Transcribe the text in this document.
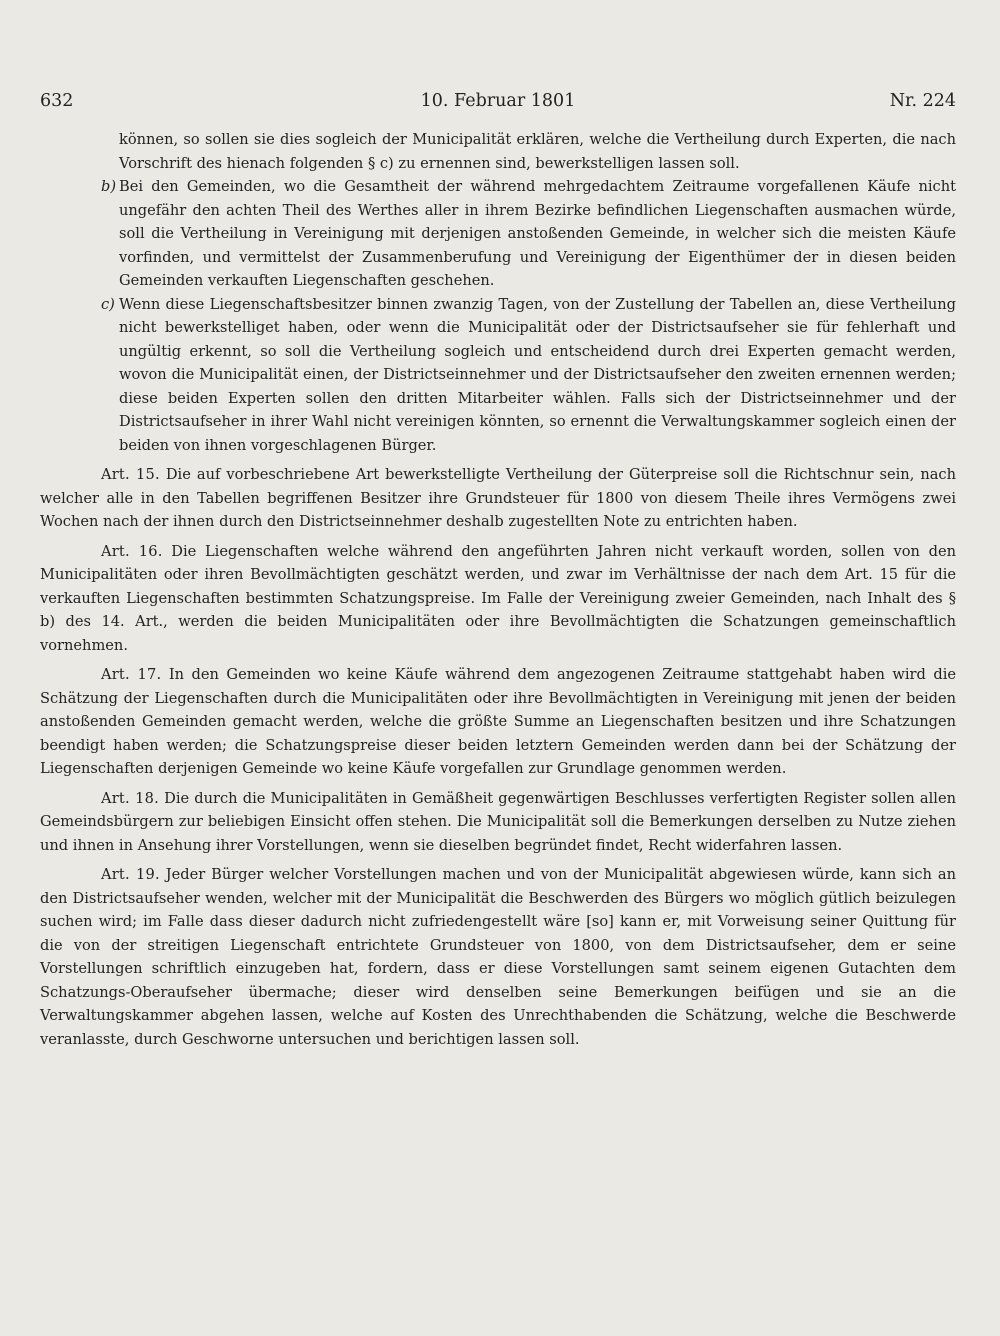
632	10. Februar 1801	Nr. 224

können, so sollen sie dies sogleich der Municipalität erklären, welche die Vertheilung durch Experten, die nach Vorschrift des hienach folgenden § c) zu ernennen sind, bewerkstelligen lassen soll.

b) Bei den Gemeinden, wo die Gesamtheit der während mehrgedachtem Zeitraume vorgefallenen Käufe nicht ungefähr den achten Theil des Werthes aller in ihrem Bezirke befindlichen Liegenschaften ausmachen würde, soll die Vertheilung in Vereinigung mit derjenigen anstoßenden Gemeinde, in welcher sich die meisten Käufe vorfinden, und vermittelst der Zusammenberufung und Vereinigung der Eigenthümer der in diesen beiden Gemeinden verkauften Liegenschaften geschehen.

c) Wenn diese Liegenschaftsbesitzer binnen zwanzig Tagen, von der Zustellung der Tabellen an, diese Vertheilung nicht bewerkstelliget haben, oder wenn die Municipalität oder der Districtsaufseher sie für fehlerhaft und ungültig erkennt, so soll die Vertheilung sogleich und entscheidend durch drei Experten gemacht werden, wovon die Municipalität einen, der Districtseinnehmer und der Districtsaufseher den zweiten ernennen werden; diese beiden Experten sollen den dritten Mitarbeiter wählen. Falls sich der Districtseinnehmer und der Districtsaufseher in ihrer Wahl nicht vereinigen könnten, so ernennt die Verwaltungskammer sogleich einen der beiden von ihnen vorgeschlagenen Bürger.

Art. 15. Die auf vorbeschriebene Art bewerkstelligte Vertheilung der Güterpreise soll die Richtschnur sein, nach welcher alle in den Tabellen begriffenen Besitzer ihre Grundsteuer für 1800 von diesem Theile ihres Vermögens zwei Wochen nach der ihnen durch den Districtseinnehmer deshalb zugestellten Note zu entrichten haben.

Art. 16. Die Liegenschaften welche während den angeführten Jahren nicht verkauft worden, sollen von den Municipalitäten oder ihren Bevollmächtigten geschätzt werden, und zwar im Verhältnisse der nach dem Art. 15 für die verkauften Liegenschaften bestimmten Schatzungspreise. Im Falle der Vereinigung zweier Gemeinden, nach Inhalt des § b) des 14. Art., werden die beiden Municipalitäten oder ihre Bevollmächtigten die Schatzungen gemeinschaftlich vornehmen.

Art. 17. In den Gemeinden wo keine Käufe während dem angezogenen Zeitraume stattgehabt haben wird die Schätzung der Liegenschaften durch die Municipalitäten oder ihre Bevollmächtigten in Vereinigung mit jenen der beiden anstoßenden Gemeinden gemacht werden, welche die größte Summe an Liegenschaften besitzen und ihre Schatzungen beendigt haben werden; die Schatzungspreise dieser beiden letztern Gemeinden werden dann bei der Schätzung der Liegenschaften derjenigen Gemeinde wo keine Käufe vorgefallen zur Grundlage genommen werden.

Art. 18. Die durch die Municipalitäten in Gemäßheit gegenwärtigen Beschlusses verfertigten Register sollen allen Gemeindsbürgern zur beliebigen Einsicht offen stehen. Die Municipalität soll die Bemerkungen derselben zu Nutze ziehen und ihnen in Ansehung ihrer Vorstellungen, wenn sie dieselben begründet findet, Recht widerfahren lassen.

Art. 19. Jeder Bürger welcher Vorstellungen machen und von der Municipalität abgewiesen würde, kann sich an den Districtsaufseher wenden, welcher mit der Municipalität die Beschwerden des Bürgers wo möglich gütlich beizulegen suchen wird; im Falle dass dieser dadurch nicht zufriedengestellt wäre [so] kann er, mit Vorweisung seiner Quittung für die von der streitigen Liegenschaft entrichtete Grundsteuer von 1800, von dem Districtsaufseher, dem er seine Vorstellungen schriftlich einzugeben hat, fordern, dass er diese Vorstellungen samt seinem eigenen Gutachten dem Schatzungs-Oberaufseher übermache; dieser wird denselben seine Bemerkungen beifügen und sie an die Verwaltungskammer abgehen lassen, welche auf Kosten des Unrechthabenden die Schätzung, welche die Beschwerde veranlasste, durch Geschworne untersuchen und berichtigen lassen soll.
